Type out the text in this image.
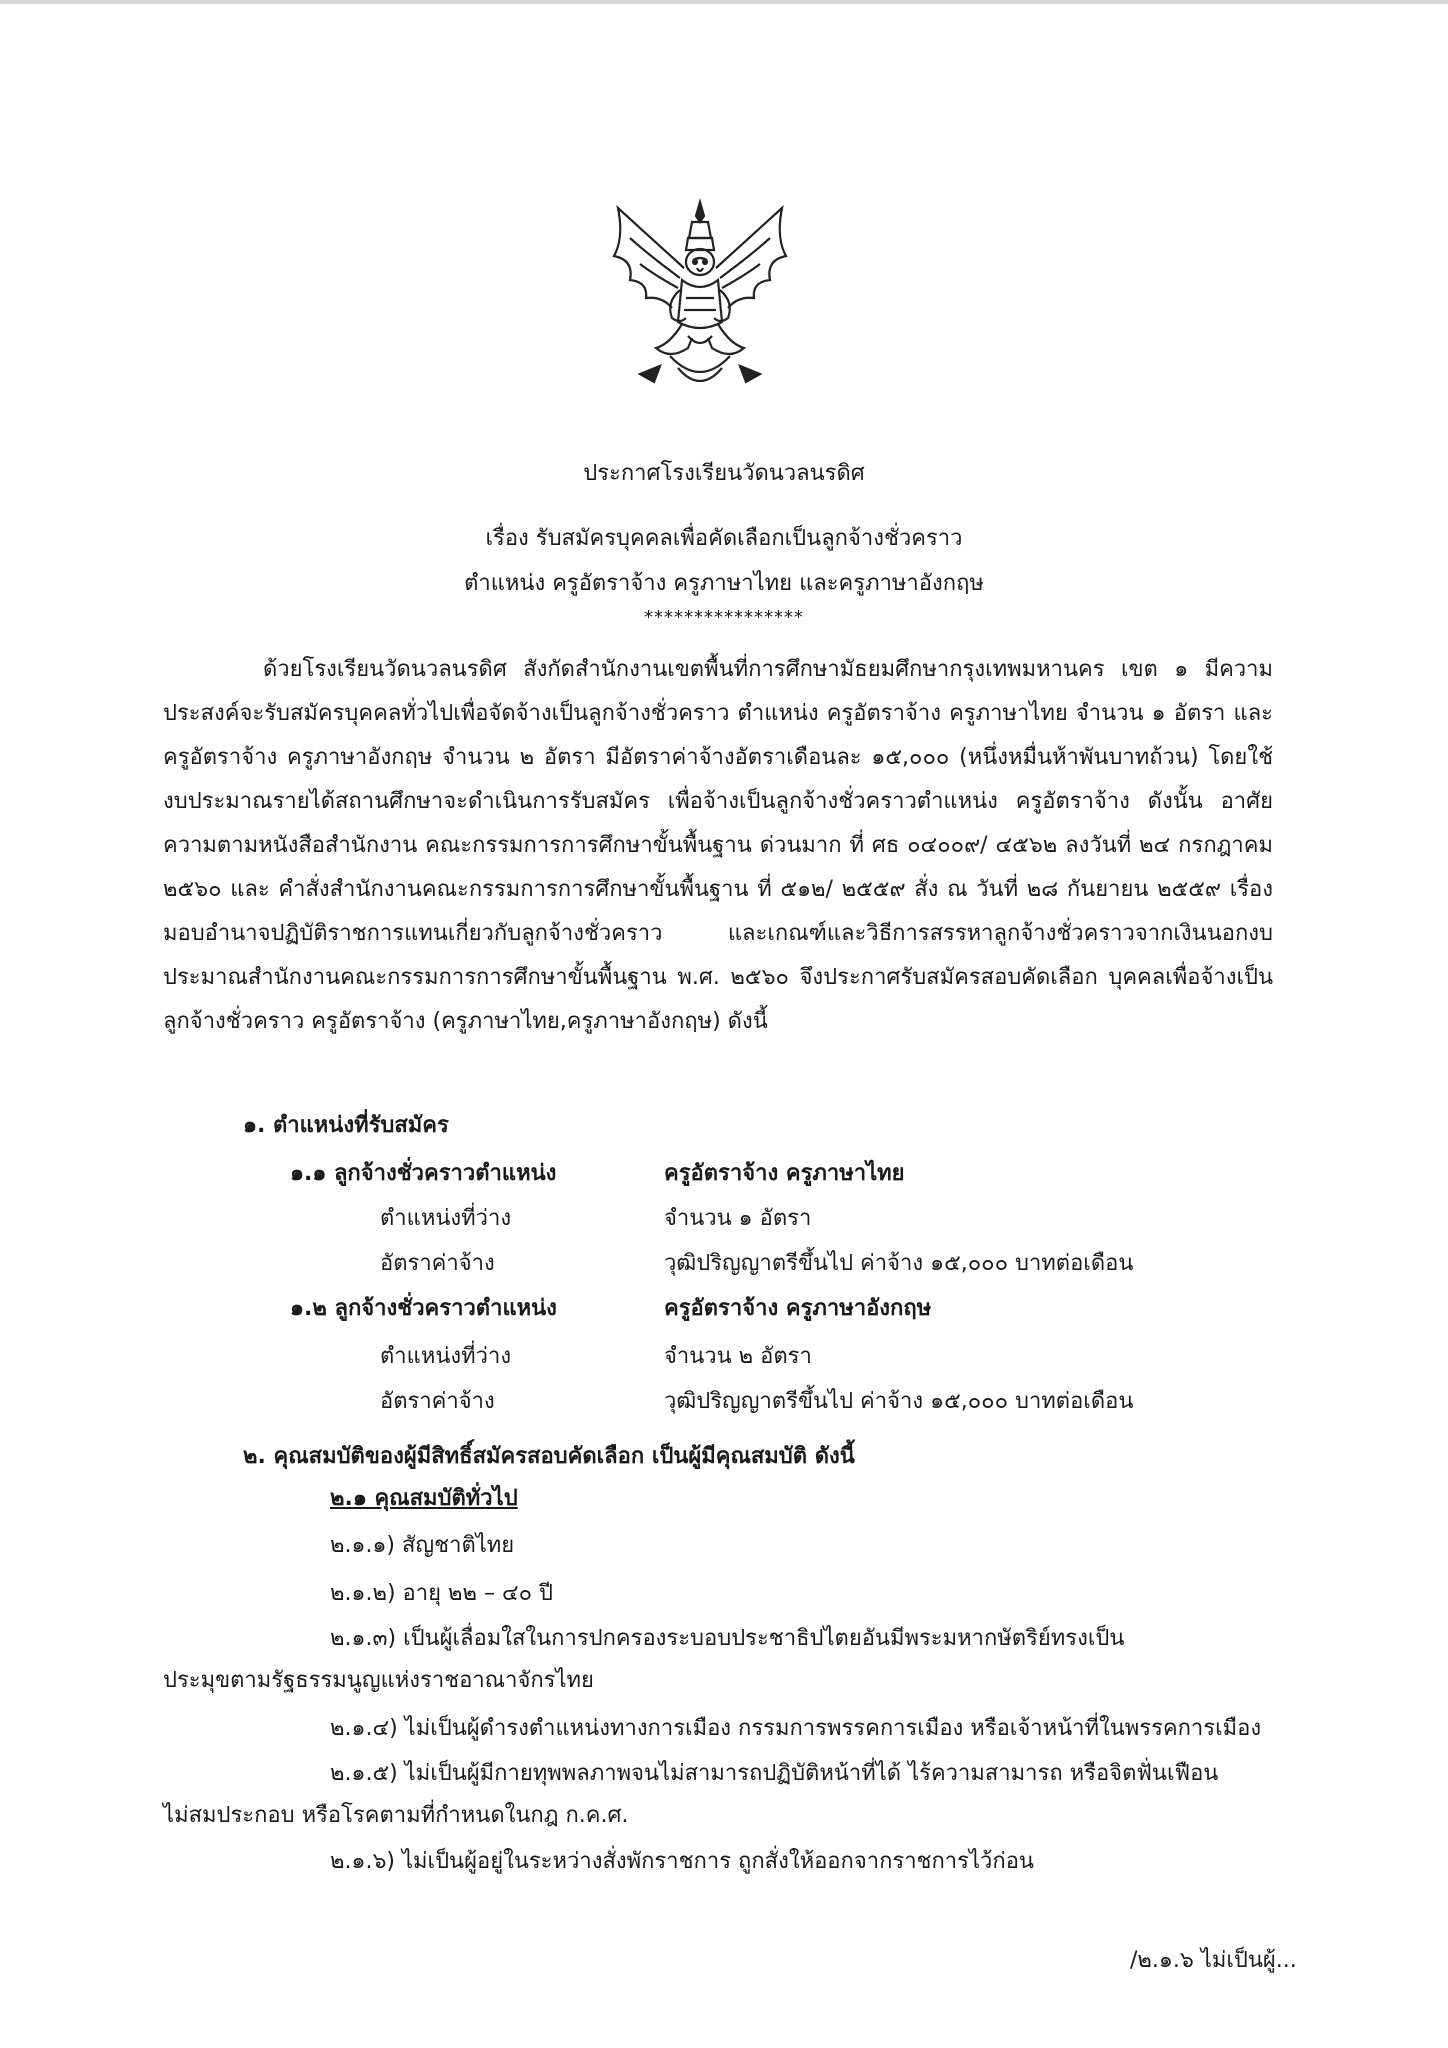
ประกาศโรงเรียนวัดนวลนรดิศ
เรื่อง รับสมัครบุคคลเพื่อคัดเลือกเป็นลูกจ้างชั่วคราว
ตำแหน่ง ครูอัตราจ้าง ครูภาษาไทย และครูภาษาอังกฤษ
****************

ด้วยโรงเรียนวัดนวลนรดิศ สังกัดสำนักงานเขตพื้นที่การศึกษามัธยมศึกษากรุงเทพมหานคร เขต ๑ มีความประสงค์จะรับสมัครบุคคลทั่วไปเพื่อจัดจ้างเป็นลูกจ้างชั่วคราว ตำแหน่ง ครูอัตราจ้าง ครูภาษาไทย จำนวน ๑ อัตรา และครูอัตราจ้าง ครูภาษาอังกฤษ จำนวน ๒ อัตรา มีอัตราค่าจ้างอัตราเดือนละ ๑๕,๐๐๐ (หนึ่งหมื่นห้าพันบาทถ้วน) โดยใช้งบประมาณรายได้สถานศึกษาจะดำเนินการรับสมัคร เพื่อจ้างเป็นลูกจ้างชั่วคราวตำแหน่ง ครูอัตราจ้าง ดังนั้น อาศัยความตามหนังสือสำนักงาน คณะกรรมการการศึกษาขั้นพื้นฐาน ด่วนมาก ที่ ศธ ๐๔๐๐๙/ ๔๕๖๒ ลงวันที่ ๒๔ กรกฎาคม ๒๕๖๐ และ คำสั่งสำนักงานคณะกรรมการการศึกษาขั้นพื้นฐาน ที่ ๕๑๒/ ๒๕๕๙ สั่ง ณ วันที่ ๒๘ กันยายน ๒๕๕๙ เรื่อง มอบอำนาจปฏิบัติราชการแทนเกี่ยวกับลูกจ้างชั่วคราว และเกณฑ์และวิธีการสรรหาลูกจ้างชั่วคราวจากเงินนอกงบประมาณสำนักงานคณะกรรมการการศึกษาขั้นพื้นฐาน พ.ศ. ๒๕๖๐ จึงประกาศรับสมัครสอบคัดเลือก บุคคลเพื่อจ้างเป็นลูกจ้างชั่วคราว ครูอัตราจ้าง (ครูภาษาไทย,ครูภาษาอังกฤษ) ดังนี้

๑. ตำแหน่งที่รับสมัคร
๑.๑ ลูกจ้างชั่วคราวตำแหน่ง	ครูอัตราจ้าง ครูภาษาไทย
ตำแหน่งที่ว่าง	จำนวน ๑ อัตรา
อัตราค่าจ้าง	วุฒิปริญญาตรีขึ้นไป ค่าจ้าง ๑๕,๐๐๐ บาทต่อเดือน
๑.๒ ลูกจ้างชั่วคราวตำแหน่ง	ครูอัตราจ้าง ครูภาษาอังกฤษ
ตำแหน่งที่ว่าง	จำนวน ๒ อัตรา
อัตราค่าจ้าง	วุฒิปริญญาตรีขึ้นไป ค่าจ้าง ๑๕,๐๐๐ บาทต่อเดือน
๒. คุณสมบัติของผู้มีสิทธิ์สมัครสอบคัดเลือก เป็นผู้มีคุณสมบัติ ดังนี้
๒.๑ คุณสมบัติทั่วไป
๒.๑.๑) สัญชาติไทย
๒.๑.๒) อายุ ๒๒ – ๔๐ ปี
๒.๑.๓) เป็นผู้เลื่อมใสในการปกครองระบอบประชาธิปไตยอันมีพระมหากษัตริย์ทรงเป็น
ประมุขตามรัฐธรรมนูญแห่งราชอาณาจักรไทย
๒.๑.๔) ไม่เป็นผู้ดำรงตำแหน่งทางการเมือง กรรมการพรรคการเมือง หรือเจ้าหน้าที่ในพรรคการเมือง
๒.๑.๕) ไม่เป็นผู้มีกายทุพพลภาพจนไม่สามารถปฏิบัติหน้าที่ได้ ไร้ความสามารถ หรือจิตฟั่นเฟือน
ไม่สมประกอบ หรือโรคตามที่กำหนดในกฎ ก.ค.ศ.
๒.๑.๖) ไม่เป็นผู้อยู่ในระหว่างสั่งพักราชการ ถูกสั่งให้ออกจากราชการไว้ก่อน
/๒.๑.๖ ไม่เป็นผู้...
